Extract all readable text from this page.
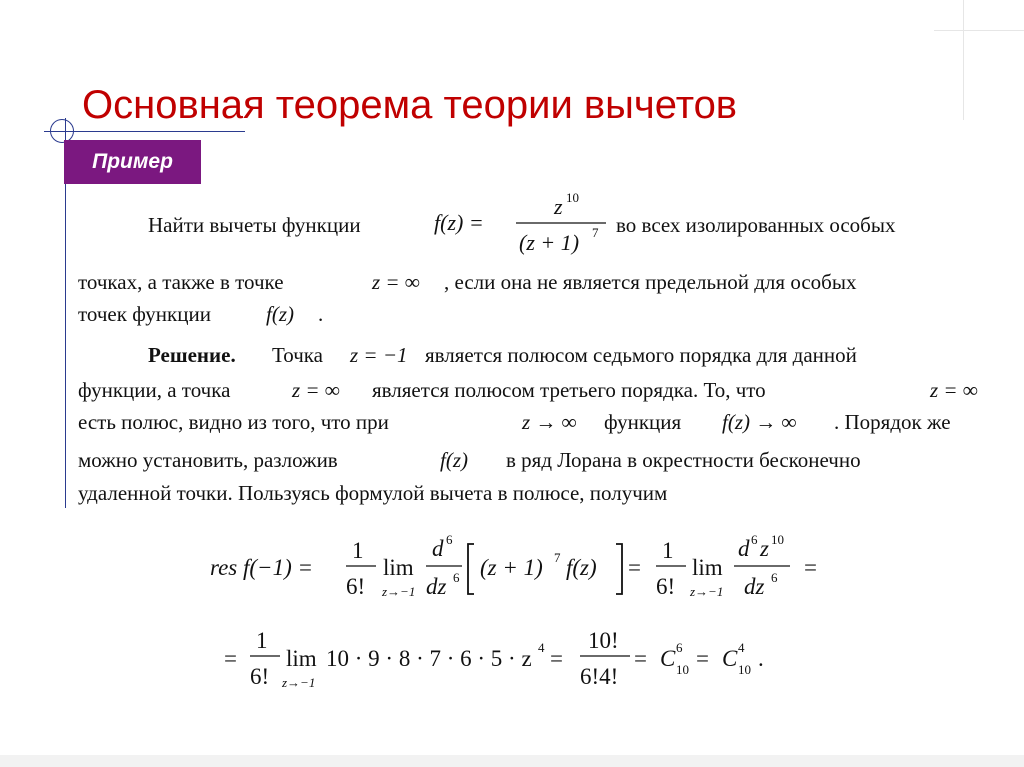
Основная теорема теории вычетов
Пример
Найти вычеты функции	f(z) =
z 10
(z + 1) 7 во всех изолированных особых
точках, а также в точке	z = ∞ , если она не является предельной для особых
точек функции	f(z) .
Решение. Точка z = −1 является полюсом седьмого порядка для данной
функции, а точка	z = ∞ является полюсом третьего порядка. То, что	z = ∞
есть полюс, видно из того, что при	z → ∞ функция f(z) → ∞ . Порядок же
можно установить, разложив	f(z) в ряд Лорана в окрестности бесконечно
удаленной точки. Пользуясь формулой вычета в полюсе, получим
res f(−1) =
1
6!
lim
z→−1
d 6
dz 6 (z + 1) 7 f(z) =
1
6!
lim
z→−1
d 6 z 10
dz 6 =
=
1
6!
lim
z→−1
10 · 9 · 8 · 7 · 6 · 5 · z 4 =
10!
6!4!
= C 6
10 = C 4
10 .
